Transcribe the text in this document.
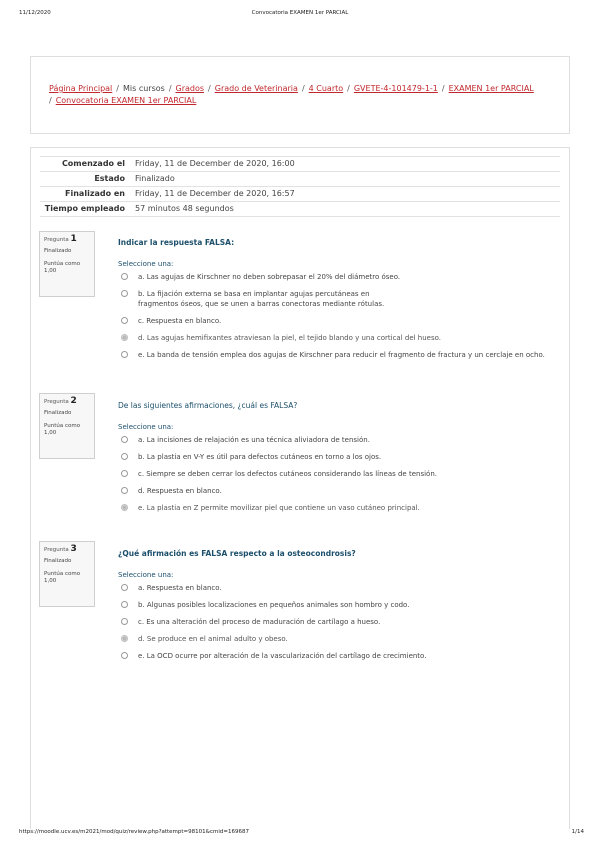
11/12/2020	Convocatoria EXAMEN 1er PARCIAL
Página Principal / Mis cursos / Grados / Grado de Veterinaria / 4 Cuarto / GVETE-4-101479-1-1 / EXAMEN 1er PARCIAL
/ Convocatoria EXAMEN 1er PARCIAL
Comenzado el	Friday, 11 de December de 2020, 16:00
Estado	Finalizado
Finalizado en	Friday, 11 de December de 2020, 16:57
Tiempo empleado	57 minutos 48 segundos
Pregunta 1
Finalizado
Puntúa como
1,00
Indicar la respuesta FALSA:
Seleccione una:
a. Las agujas de Kirschner no deben sobrepasar el 20% del diámetro óseo.
b. La fijación externa se basa en implantar agujas percutáneas en fragmentos óseos, que se unen a barras conectoras mediante rótulas.
c. Respuesta en blanco.
d. Las agujas hemifixantes atraviesan la piel, el tejido blando y una cortical del hueso.
e. La banda de tensión emplea dos agujas de Kirschner para reducir el fragmento de fractura y un cerclaje en ocho.
Pregunta 2
Finalizado
Puntúa como
1,00
De las siguientes afirmaciones, ¿cuál es FALSA?
Seleccione una:
a. La incisiones de relajación es una técnica aliviadora de tensión.
b. La plastia en V-Y es útil para defectos cutáneos en torno a los ojos.
c. Siempre se deben cerrar los defectos cutáneos considerando las líneas de tensión.
d. Respuesta en blanco.
e. La plastia en Z permite movilizar piel que contiene un vaso cutáneo principal.
Pregunta 3
Finalizado
Puntúa como
1,00
¿Qué afirmación es FALSA respecto a la osteocondrosis?
Seleccione una:
a. Respuesta en blanco.
b. Algunas posibles localizaciones en pequeños animales son hombro y codo.
c. Es una alteración del proceso de maduración de cartílago a hueso.
d. Se produce en el animal adulto y obeso.
e. La OCD ocurre por alteración de la vascularización del cartílago de crecimiento.
https://moodle.ucv.es/m2021/mod/quiz/review.php?attempt=98101&cmid=169687	1/14
